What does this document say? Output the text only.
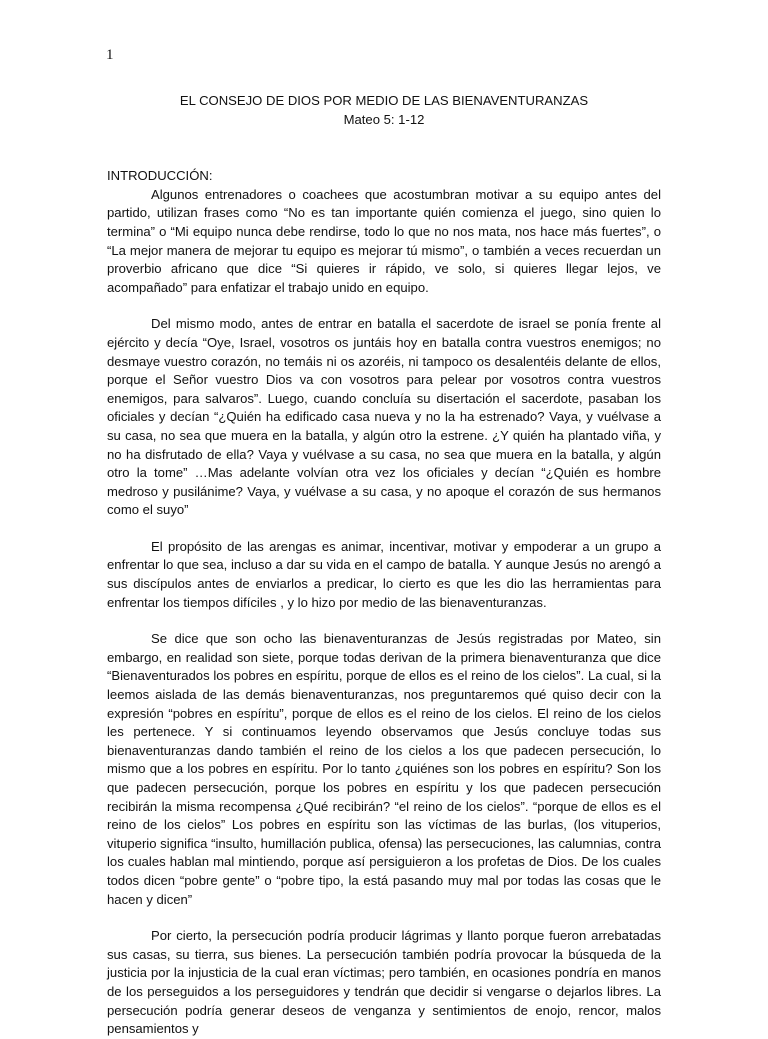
1

EL CONSEJO DE DIOS POR MEDIO DE LAS BIENAVENTURANZAS

Mateo 5: 1-12

INTRODUCCIÓN:

Algunos entrenadores o coachees que acostumbran motivar a su equipo antes del partido, utilizan frases como “No es tan importante quién comienza el juego, sino quien lo termina” o “Mi equipo nunca debe rendirse, todo lo que no nos mata, nos hace más fuertes”, o “La mejor manera de mejorar tu equipo es mejorar tú mismo”, o también a veces recuerdan un proverbio africano que dice “Si quieres ir rápido, ve solo, si quieres llegar lejos, ve acompañado” para enfatizar el trabajo unido en equipo.

Del mismo modo, antes de entrar en batalla el sacerdote de israel se ponía frente al ejército y decía “Oye, Israel, vosotros os juntáis hoy en batalla contra vuestros enemigos; no desmaye vuestro corazón, no temáis ni os azoréis, ni tampoco os desalentéis delante de ellos, porque el Señor vuestro Dios va con vosotros para pelear por vosotros contra vuestros enemigos, para salvaros”. Luego, cuando concluía su disertación el sacerdote, pasaban los oficiales y decían “¿Quién ha edificado casa nueva y no la ha estrenado? Vaya, y vuélvase a su casa, no sea que muera en la batalla, y algún otro la estrene. ¿Y quién ha plantado viña, y no ha disfrutado de ella? Vaya y vuélvase a su casa, no sea que muera en la batalla, y algún otro la tome” …Mas adelante volvían otra vez los oficiales y decían “¿Quién es hombre medroso y pusilánime? Vaya, y vuélvase a su casa, y no apoque el corazón de sus hermanos como el suyo”

El propósito de las arengas es animar, incentivar, motivar y empoderar a un grupo a enfrentar lo que sea, incluso a dar su vida en el campo de batalla. Y aunque Jesús no arengó a sus discípulos antes de enviarlos a predicar, lo cierto es que les dio las herramientas para enfrentar los tiempos difíciles , y lo hizo por medio de las bienaventuranzas.

Se dice que son ocho las bienaventuranzas de Jesús registradas por Mateo, sin embargo, en realidad son siete, porque todas derivan de la primera bienaventuranza que dice “Bienaventurados los pobres en espíritu, porque de ellos es el reino de los cielos”. La cual, si la leemos aislada de las demás bienaventuranzas, nos preguntaremos qué quiso decir con la expresión “pobres en espíritu”, porque de ellos es el reino de los cielos. El reino de los cielos les pertenece. Y si continuamos leyendo observamos que Jesús concluye todas sus bienaventuranzas dando también el reino de los cielos a los que padecen persecución, lo mismo que a los pobres en espíritu. Por lo tanto ¿quiénes son los pobres en espíritu? Son los que padecen persecución, porque los pobres en espíritu y los que padecen persecución recibirán la misma recompensa ¿Qué recibirán? “el reino de los cielos”. “porque de ellos es el reino de los cielos” Los pobres en espíritu son las víctimas de las burlas, (los vituperios, vituperio significa “insulto, humillación publica, ofensa) las persecuciones, las calumnias, contra los cuales hablan mal mintiendo, porque así persiguieron a los profetas de Dios. De los cuales todos dicen “pobre gente” o “pobre tipo, la está pasando muy mal por todas las cosas que le hacen y dicen”

Por cierto, la persecución podría producir lágrimas y llanto porque fueron arrebatadas sus casas, su tierra, sus bienes. La persecución también podría provocar la búsqueda de la justicia por la injusticia de la cual eran víctimas; pero también, en ocasiones pondría en manos de los perseguidos a los perseguidores y tendrán que decidir si vengarse o dejarlos libres. La persecución podría generar deseos de venganza y sentimientos de enojo, rencor, malos pensamientos y
